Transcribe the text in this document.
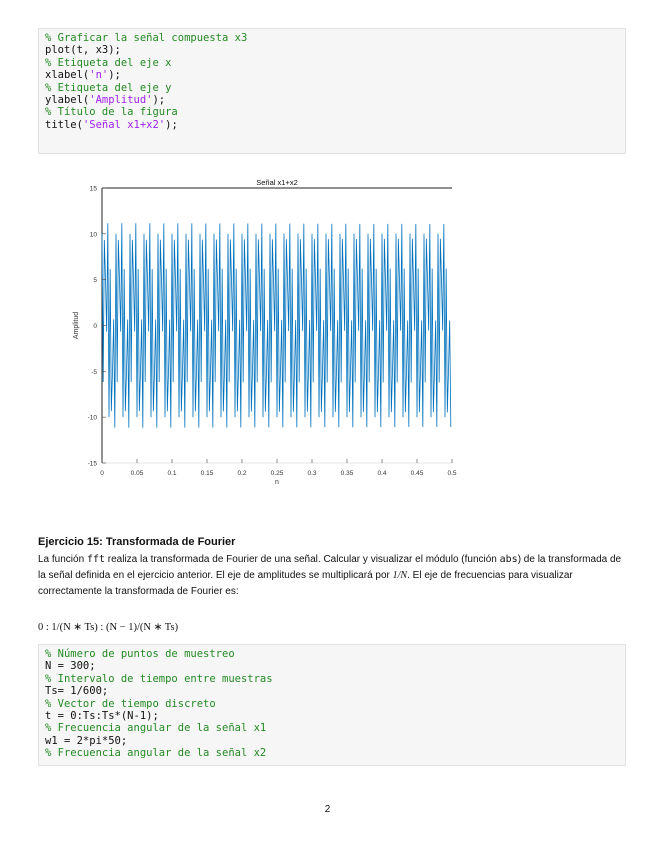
% Graficar la señal compuesta x3
plot(t, x3);
% Etiqueta del eje x
xlabel('n');
% Etiqueta del eje y
ylabel('Amplitud');
% Título de la figura
title('Señal x1+x2');
0	0.05	0.1	0.15	0.2	0.25	0.3	0.35	0.4	0.45	0.5
15
10
5
0
-5
-10
-15
Señal x1+x2
n
Amplitud
Ejercicio 15: Transformada de Fourier
La función fft realiza la transformada de Fourier de una señal. Calcular y visualizar el módulo (función abs) de la transformada de la señal definida en el ejercicio anterior. El eje de amplitudes se multiplicará por 1/N. El eje de frecuencias para visualizar correctamente la transformada de Fourier es:
0 : 1/(N ∗ Ts) : (N − 1)/(N ∗ Ts)
% Número de puntos de muestreo
N = 300;
% Intervalo de tiempo entre muestras
Ts= 1/600;
% Vector de tiempo discreto
t = 0:Ts:Ts*(N-1);
% Frecuencia angular de la señal x1
w1 = 2*pi*50;
% Frecuencia angular de la señal x2
2
